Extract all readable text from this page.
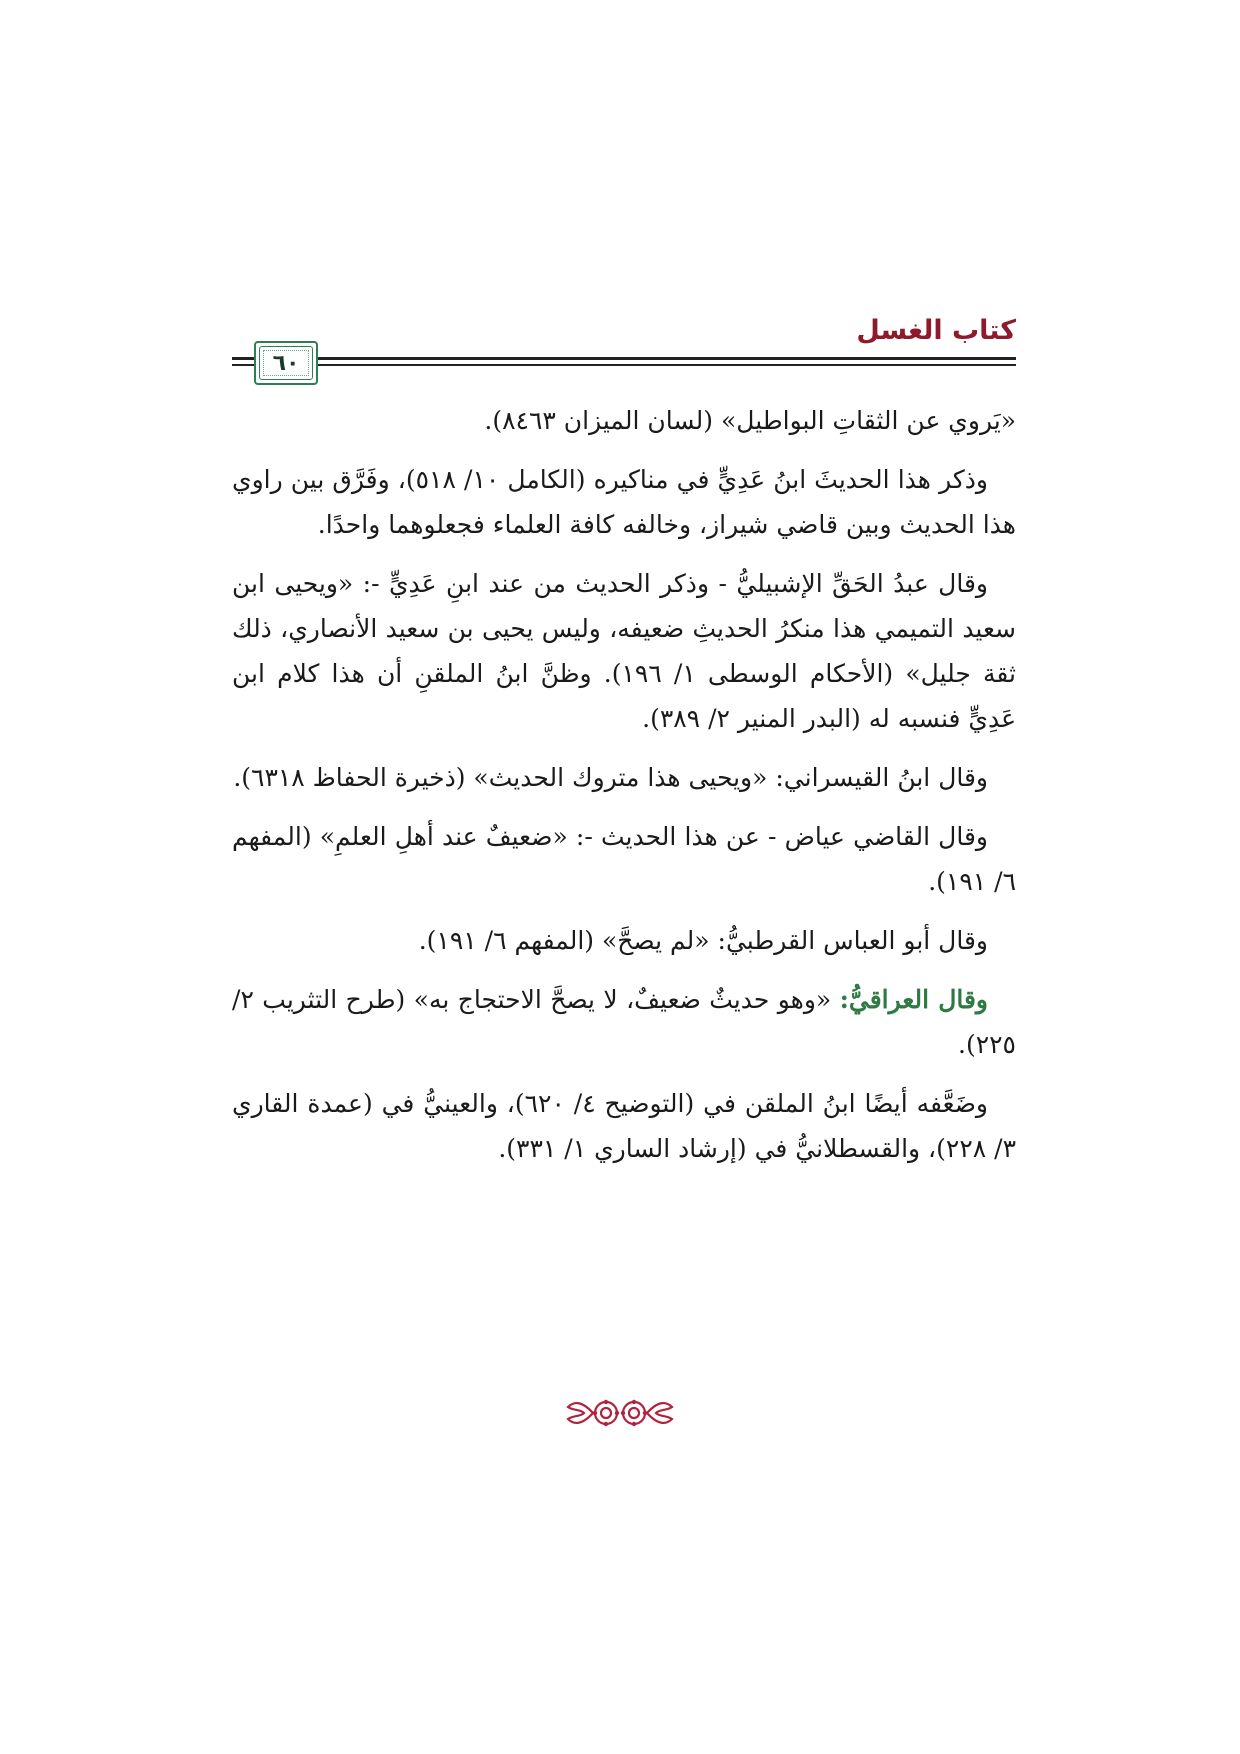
كتاب الغسل
٦٠

«يَروي عن الثقاتِ البواطيل» (لسان الميزان ٨٤٦٣).

وذكر هذا الحديثَ ابنُ عَدِيٍّ في مناكيره (الكامل ١٠/ ٥١٨)، وفَرَّق بين راوي هذا الحديث وبين قاضي شيراز، وخالفه كافة العلماء فجعلوهما واحدًا.

وقال عبدُ الحَقِّ الإشبيليُّ - وذكر الحديث من عند ابنِ عَدِيٍّ -: «ويحيى ابن سعيد التميمي هذا منكرُ الحديثِ ضعيفه، وليس يحيى بن سعيد الأنصاري، ذلك ثقة جليل» (الأحكام الوسطى ١/ ١٩٦). وظنَّ ابنُ الملقنِ أن هذا كلام ابن عَدِيٍّ فنسبه له (البدر المنير ٢/ ٣٨٩).

وقال ابنُ القيسراني: «ويحيى هذا متروك الحديث» (ذخيرة الحفاظ ٦٣١٨).

وقال القاضي عياض - عن هذا الحديث -: «ضعيفٌ عند أهلِ العلمِ» (المفهم ٦/ ١٩١).

وقال أبو العباس القرطبيُّ: «لم يصحَّ» (المفهم ٦/ ١٩١).

وقال العراقيُّ: «وهو حديثٌ ضعيفٌ، لا يصحَّ الاحتجاج به» (طرح التثريب ٢/ ٢٢٥).

وضَعَّفه أيضًا ابنُ الملقن في (التوضيح ٤/ ٦٢٠)، والعينيُّ في (عمدة القاري ٣/ ٢٢٨)، والقسطلانيُّ في (إرشاد الساري ١/ ٣٣١).
